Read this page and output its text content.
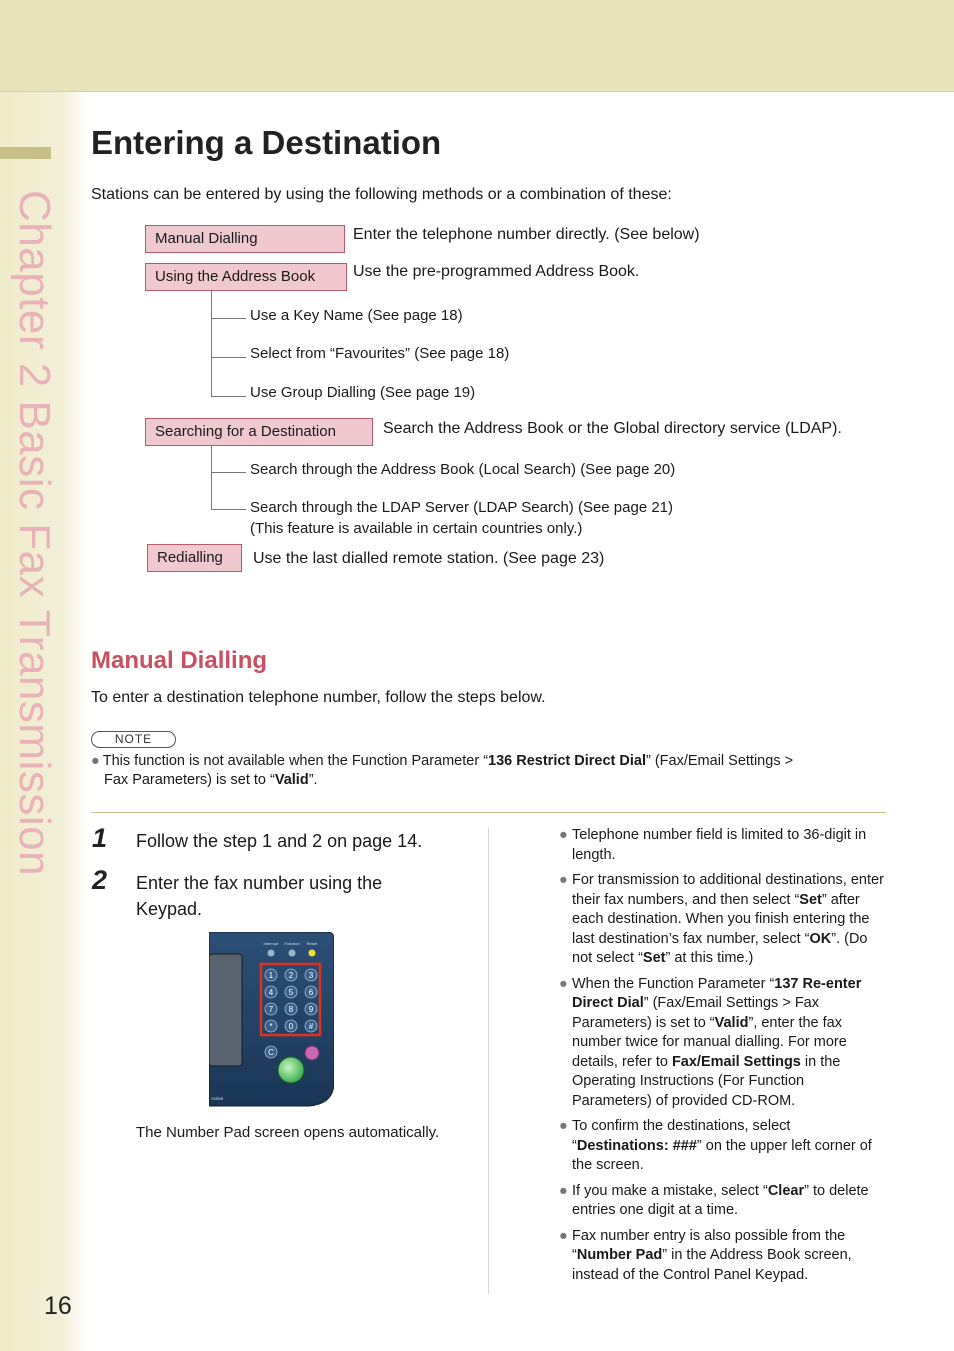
Chapter 2 Basic Fax Transmission
16
Entering a Destination
Stations can be entered by using the following methods or a combination of these:
Manual Dialling	Enter the telephone number directly. (See below)
Using the Address Book	Use the pre-programmed Address Book.
Use a Key Name (See page 18)
Select from “Favourites” (See page 18)
Use Group Dialling (See page 19)
Searching for a Destination	Search the Address Book or the Global directory service (LDAP).
Search through the Address Book (Local Search) (See page 20)
Search through the LDAP Server (LDAP Search) (See page 21)
(This feature is available in certain countries only.)
Redialling	Use the last dialled remote station. (See page 23)
Manual Dialling
To enter a destination telephone number, follow the steps below.
NOTE
● This function is not available when the Function Parameter “136 Restrict Direct Dial” (Fax/Email Settings >
Fax Parameters) is set to “Valid”.
1 Follow the step 1 and 2 on page 14.
2 Enter the fax number using the Keypad.
Interrupt Function Reset
1 2 3
4 5 6
7 8 9
* 0 #
C
Active
The Number Pad screen opens automatically.
● Telephone number field is limited to 36-digit in length.
● For transmission to additional destinations, enter their fax numbers, and then select “Set” after each destination. When you finish entering the last destination’s fax number, select “OK”. (Do not select “Set” at this time.)
● When the Function Parameter “137 Re-enter Direct Dial” (Fax/Email Settings > Fax Parameters) is set to “Valid”, enter the fax number twice for manual dialling. For more details, refer to Fax/Email Settings in the Operating Instructions (For Function Parameters) of provided CD-ROM.
● To confirm the destinations, select “Destinations: ###” on the upper left corner of the screen.
● If you make a mistake, select “Clear” to delete entries one digit at a time.
● Fax number entry is also possible from the “Number Pad” in the Address Book screen, instead of the Control Panel Keypad.
